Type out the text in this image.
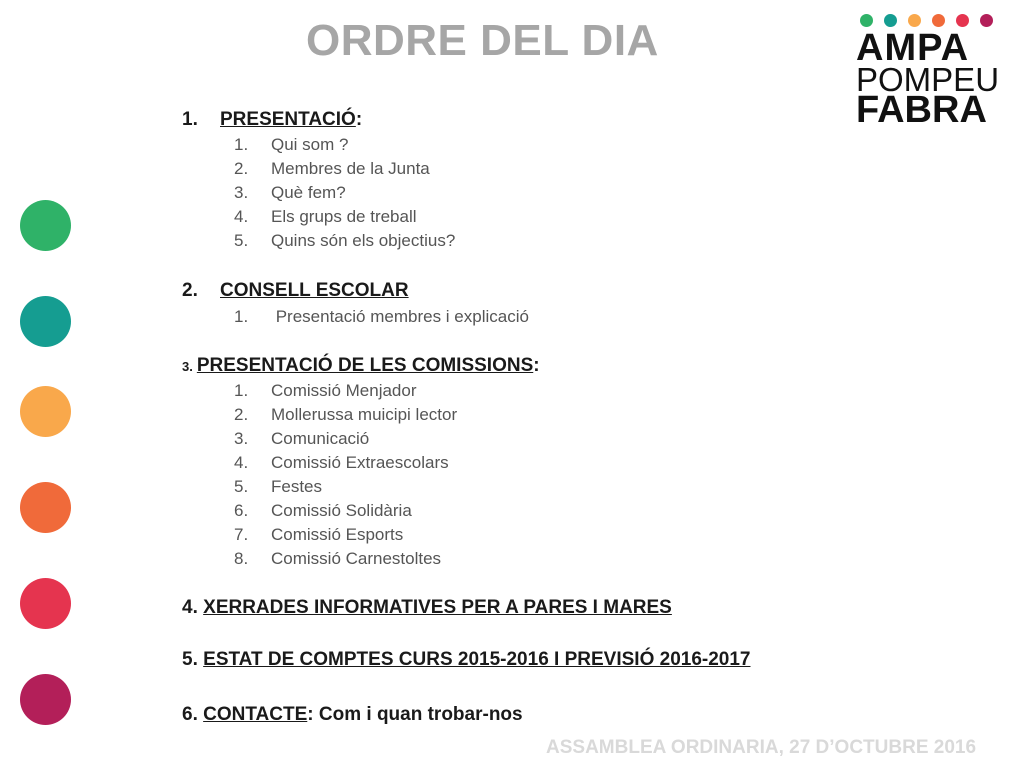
ORDRE DEL DIA	AMPA
POMPEU
FABRA
1. PRESENTACIÓ:
1. Qui som ?
2. Membres de la Junta
3. Què fem?
4. Els grups de treball
5. Quins són els objectius?
2. CONSELL ESCOLAR
1. Presentació membres i explicació
3. PRESENTACIÓ DE LES COMISSIONS:
1. Comissió Menjador
2. Mollerussa muicipi lector
3. Comunicació
4. Comissió Extraescolars
5. Festes
6. Comissió Solidària
7. Comissió Esports
8. Comissió Carnestoltes
4. XERRADES INFORMATIVES PER A PARES I MARES
5. ESTAT DE COMPTES CURS 2015-2016 I PREVISIÓ 2016-2017
6. CONTACTE: Com i quan trobar-nos
ASSAMBLEA ORDINARIA, 27 D’OCTUBRE 2016
